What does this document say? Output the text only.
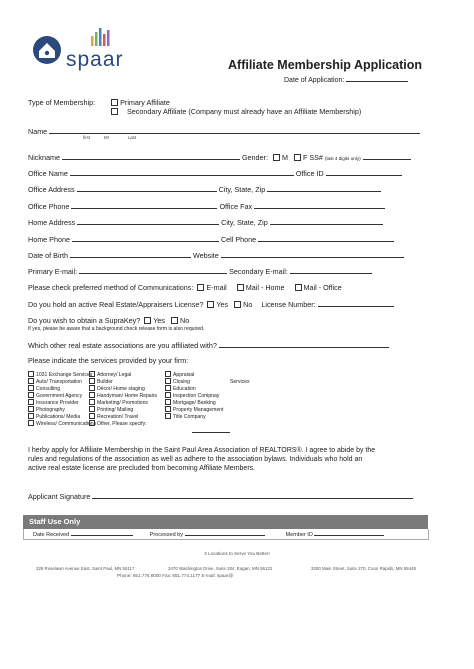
spaar	Affiliate Membership Application
Date of Application:
Type of Membership:	Primary Affiliate
Secondary Affiliate (Company must already have an Affiliate Membership)
Name
first	MI	Last
Nickname	Gender: M F SS# (last 4 digits only)
Office Name	Office ID
Office Address	City, State, Zip
Office Phone	Office Fax
Home Address	City, State, Zip
Home Phone	Cell Phone
Date of Birth	Website
Primary E-mail:	Secondary E-mail:
Please check preferred method of Communications: E-mail	Mail - Home	Mail - Office
Do you hold an active Real Estate/Appraisers License? Yes No License Number:
Do you wish to obtain a SupraKey? Yes No
If yes, please be aware that a background check release form is also required.
Which other real estate associations are you affiliated with?
Please indicate the services provided by your firm:
1031 Exchange Services
Auto/ Transportation
Consulting
Government Agency
Insurance Provider
Photography
Publications/ Media
Wireless/ Communications
Attorney/ Legal
Builder
Décor/ Home staging
Handyman/ Home Repairs
Marketing/ Promotions
Printing/ Mailing
Recreation/ Travel
Other, Please specify:
Appraisal
Closing
Education
Inspection Compnay
Mortgage/ Banking
Property Management
Title Company
Services
I herby apply for Affiliate Membership in the Saint Paul Area Association of REALTORS®. I agree to abide by the
rules and regulations of the association as well as adhere to the association bylaws. Individuals who hold an
active real estate license are precluded from becoming Affiliate Members.
Applicant Signature
Staff Use Only
Date Received	Processed by	Member ID
3 Locations to Serve You Better!
325 Roselawn Avenue East, Saint Paul, MN 55117	3470 Washington Drive, Suite 204, Eagan, MN 55122	3200 Main Street, Suite 270, Coon Rapids, MN 55448
Phone: 651.776.6000 Fax: 651.774.1177 E-mail: spaar@
